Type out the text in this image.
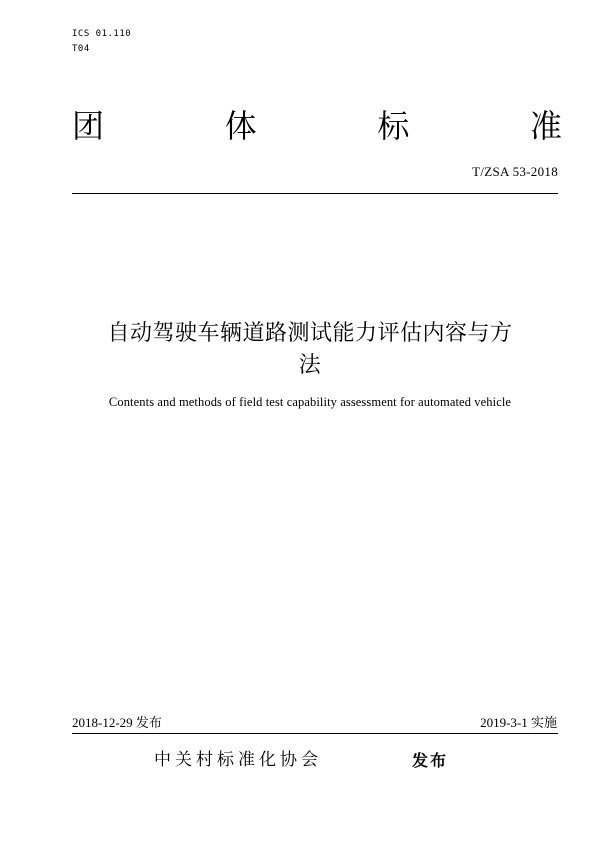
ICS 01.110
T04
团	体	标	准
T/ZSA 53-2018
自动驾驶车辆道路测试能力评估内容与方
法
Contents and methods of field test capability assessment for automated vehicle
2018-12-29 发布	2019-3-1 实施
中关村标准化协会	发布
